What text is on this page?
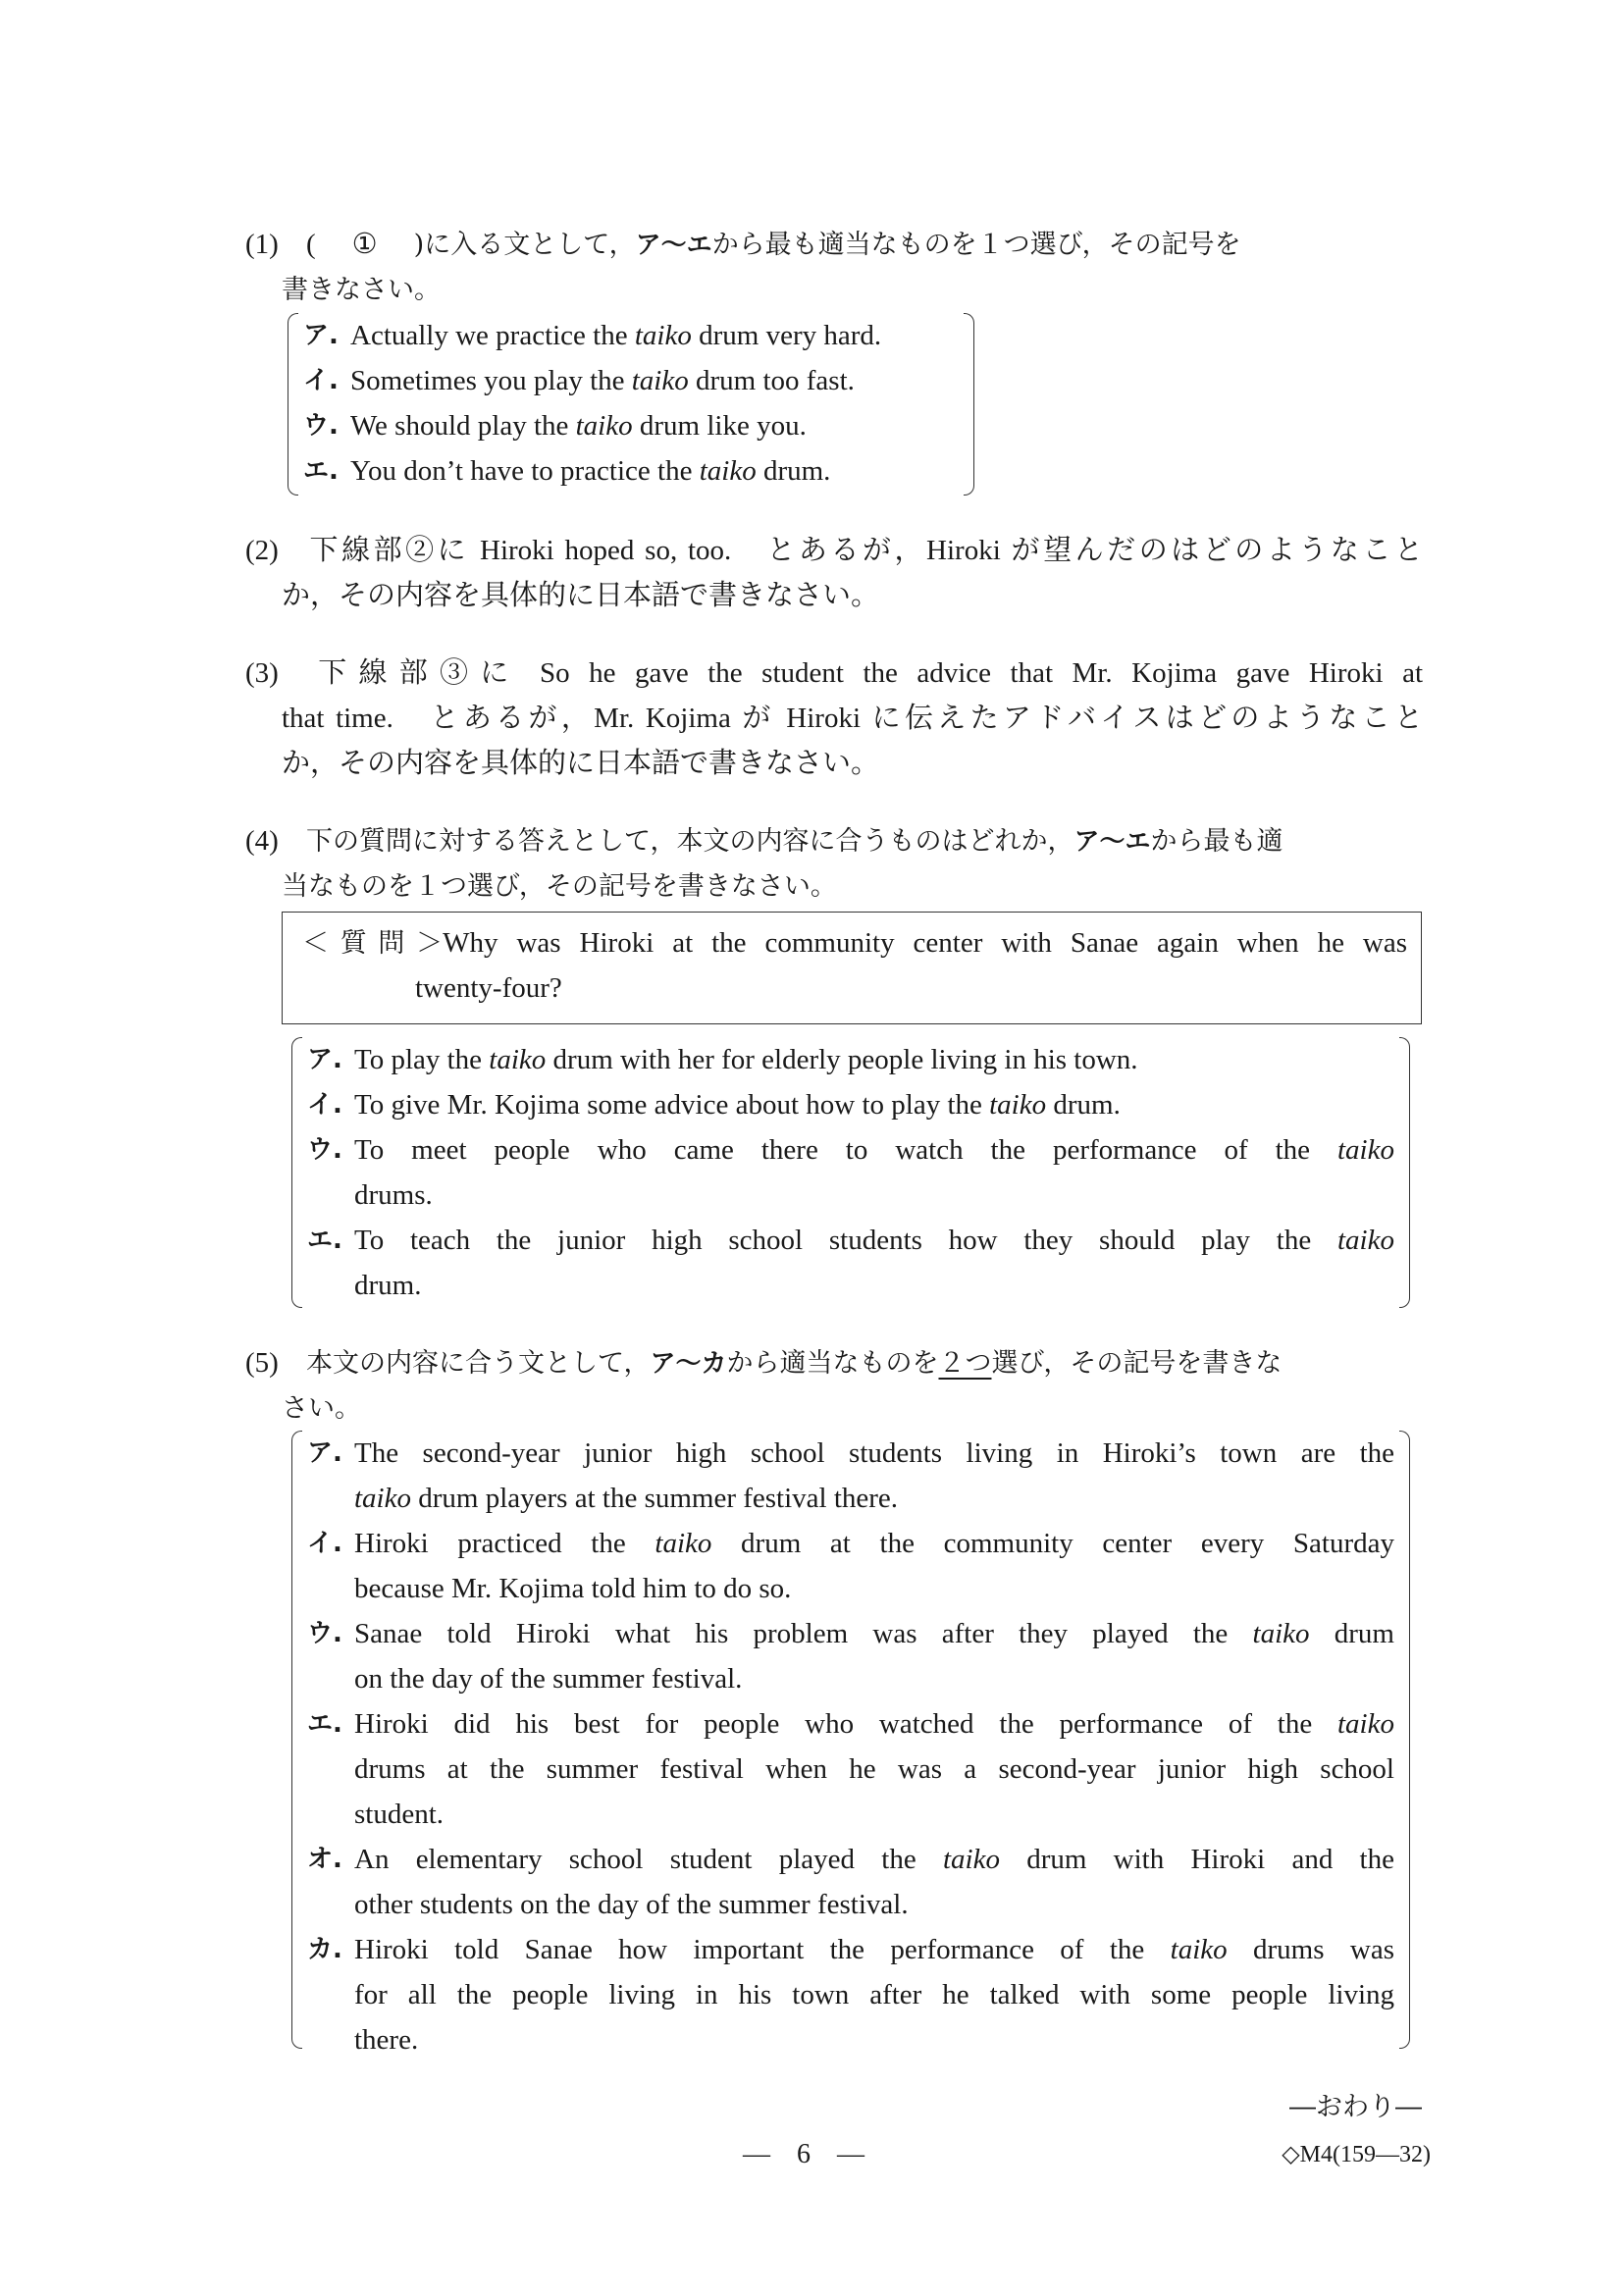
(1) ( ① )に入る文として，ア～エから最も適当なものを１つ選び，その記号を
書きなさい。
ア. Actually we practice the taiko drum very hard.
イ. Sometimes you play the taiko drum too fast.
ウ. We should play the taiko drum like you.
エ. You don’t have to practice the taiko drum.
(2) 下線部②に Hiroki hoped so, too.　とあるが，Hiroki が望んだのはどのようなこと
か，その内容を具体的に日本語で書きなさい。
(3) 下線部③に So he gave the student the advice that Mr. Kojima gave Hiroki at
that time.　とあるが，Mr. Kojima が Hiroki に伝えたアドバイスはどのようなこと
か，その内容を具体的に日本語で書きなさい。
(4) 下の質問に対する答えとして，本文の内容に合うものはどれか，ア～エから最も適
当なものを１つ選び，その記号を書きなさい。
＜質問＞Why was Hiroki at the community center with Sanae again when he was
twenty-four?
ア. To play the taiko drum with her for elderly people living in his town.
イ. To give Mr. Kojima some advice about how to play the taiko drum.
ウ. To meet people who came there to watch the performance of the taiko
drums.
エ. To teach the junior high school students how they should play the taiko
drum.
(5) 本文の内容に合う文として，ア～カから適当なものを２つ選び，その記号を書きな
さい。
ア. The second-year junior high school students living in Hiroki’s town are the
taiko drum players at the summer festival there.
イ. Hiroki practiced the taiko drum at the community center every Saturday
because Mr. Kojima told him to do so.
ウ. Sanae told Hiroki what his problem was after they played the taiko drum
on the day of the summer festival.
エ. Hiroki did his best for people who watched the performance of the taiko
drums at the summer festival when he was a second-year junior high school
student.
オ. An elementary school student played the taiko drum with Hiroki and the
other students on the day of the summer festival.
カ. Hiroki told Sanae how important the performance of the taiko drums was
for all the people living in his town after he talked with some people living
there.
―おわり―
― 6 ―	◇M4(159―32)
